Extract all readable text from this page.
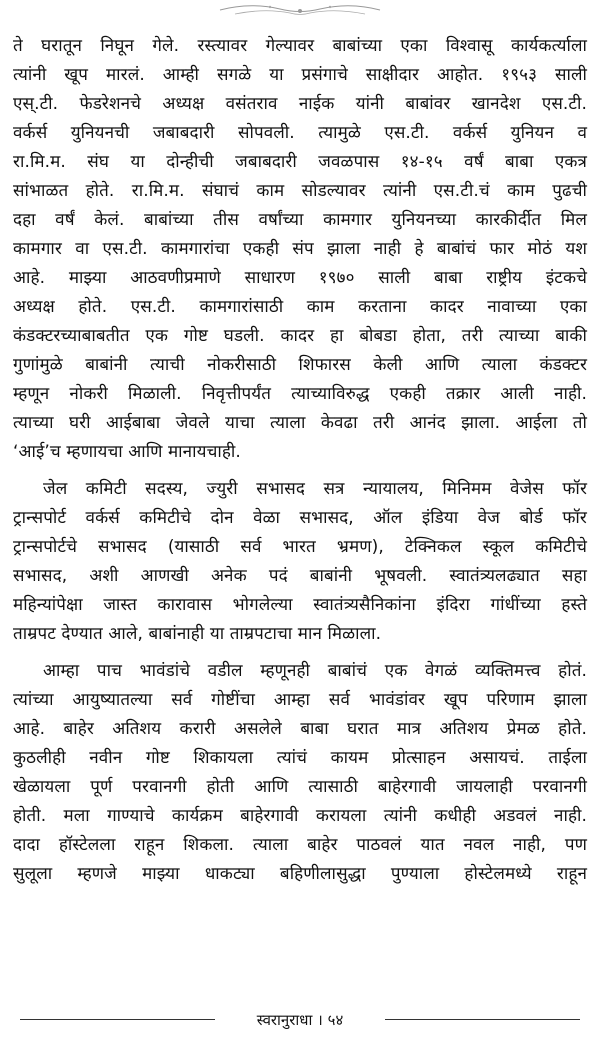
ते घरातून निघून गेले. रस्त्यावर गेल्यावर बाबांच्या एका विश्वासू कार्यकर्त्याला
त्यांनी खूप मारलं. आम्ही सगळे या प्रसंगाचे साक्षीदार आहोत. १९५३ साली
एस्.टी. फेडरेशनचे अध्यक्ष वसंतराव नाईक यांनी बाबांवर खानदेश एस.टी.
वर्कर्स युनियनची जबाबदारी सोपवली. त्यामुळे एस.टी. वर्कर्स युनियन व
रा.मि.म. संघ या दोन्हीची जबाबदारी जवळपास १४-१५ वर्षं बाबा एकत्र
सांभाळत होते. रा.मि.म. संघाचं काम सोडल्यावर त्यांनी एस.टी.चं काम पुढची
दहा वर्षं केलं. बाबांच्या तीस वर्षांच्या कामगार युनियनच्या कारकीर्दीत मिल
कामगार वा एस.टी. कामगारांचा एकही संप झाला नाही हे बाबांचं फार मोठं यश
आहे. माझ्या आठवणीप्रमाणे साधारण १९७० साली बाबा राष्ट्रीय इंटकचे
अध्यक्ष होते. एस.टी. कामगारांसाठी काम करताना कादर नावाच्या एका
कंडक्टरच्याबाबतीत एक गोष्ट घडली. कादर हा बोबडा होता, तरी त्याच्या बाकी
गुणांमुळे बाबांनी त्याची नोकरीसाठी शिफारस केली आणि त्याला कंडक्टर
म्हणून नोकरी मिळाली. निवृत्तीपर्यंत त्याच्याविरुद्ध एकही तक्रार आली नाही.
त्याच्या घरी आईबाबा जेवले याचा त्याला केवढा तरी आनंद झाला. आईला तो
‘आई’च म्हणायचा आणि मानायचाही.
जेल कमिटी सदस्य, ज्युरी सभासद सत्र न्यायालय, मिनिमम वेजेस फॉर
ट्रान्सपोर्ट वर्कर्स कमिटीचे दोन वेळा सभासद, ऑल इंडिया वेज बोर्ड फॉर
ट्रान्सपोर्टचे सभासद (यासाठी सर्व भारत भ्रमण), टेक्निकल स्कूल कमिटीचे
सभासद, अशी आणखी अनेक पदं बाबांनी भूषवली. स्वातंत्र्यलढ्यात सहा
महिन्यांपेक्षा जास्त कारावास भोगलेल्या स्वातंत्र्यसैनिकांना इंदिरा गांधींच्या हस्ते
ताम्रपट देण्यात आले, बाबांनाही या ताम्रपटाचा मान मिळाला.
आम्हा पाच भावंडांचे वडील म्हणूनही बाबांचं एक वेगळं व्यक्तिमत्त्व होतं.
त्यांच्या आयुष्यातल्या सर्व गोष्टींचा आम्हा सर्व भावंडांवर खूप परिणाम झाला
आहे. बाहेर अतिशय करारी असलेले बाबा घरात मात्र अतिशय प्रेमळ होते.
कुठलीही नवीन गोष्ट शिकायला त्यांचं कायम प्रोत्साहन असायचं. ताईला
खेळायला पूर्ण परवानगी होती आणि त्यासाठी बाहेरगावी जायलाही परवानगी
होती. मला गाण्याचे कार्यक्रम बाहेरगावी करायला त्यांनी कधीही अडवलं नाही.
दादा हॉस्टेलला राहून शिकला. त्याला बाहेर पाठवलं यात नवल नाही, पण
सुलूला म्हणजे माझ्या धाकट्या बहिणीलासुद्धा पुण्याला होस्टेलमध्ये राहून
स्वरानुराधा । ५४
